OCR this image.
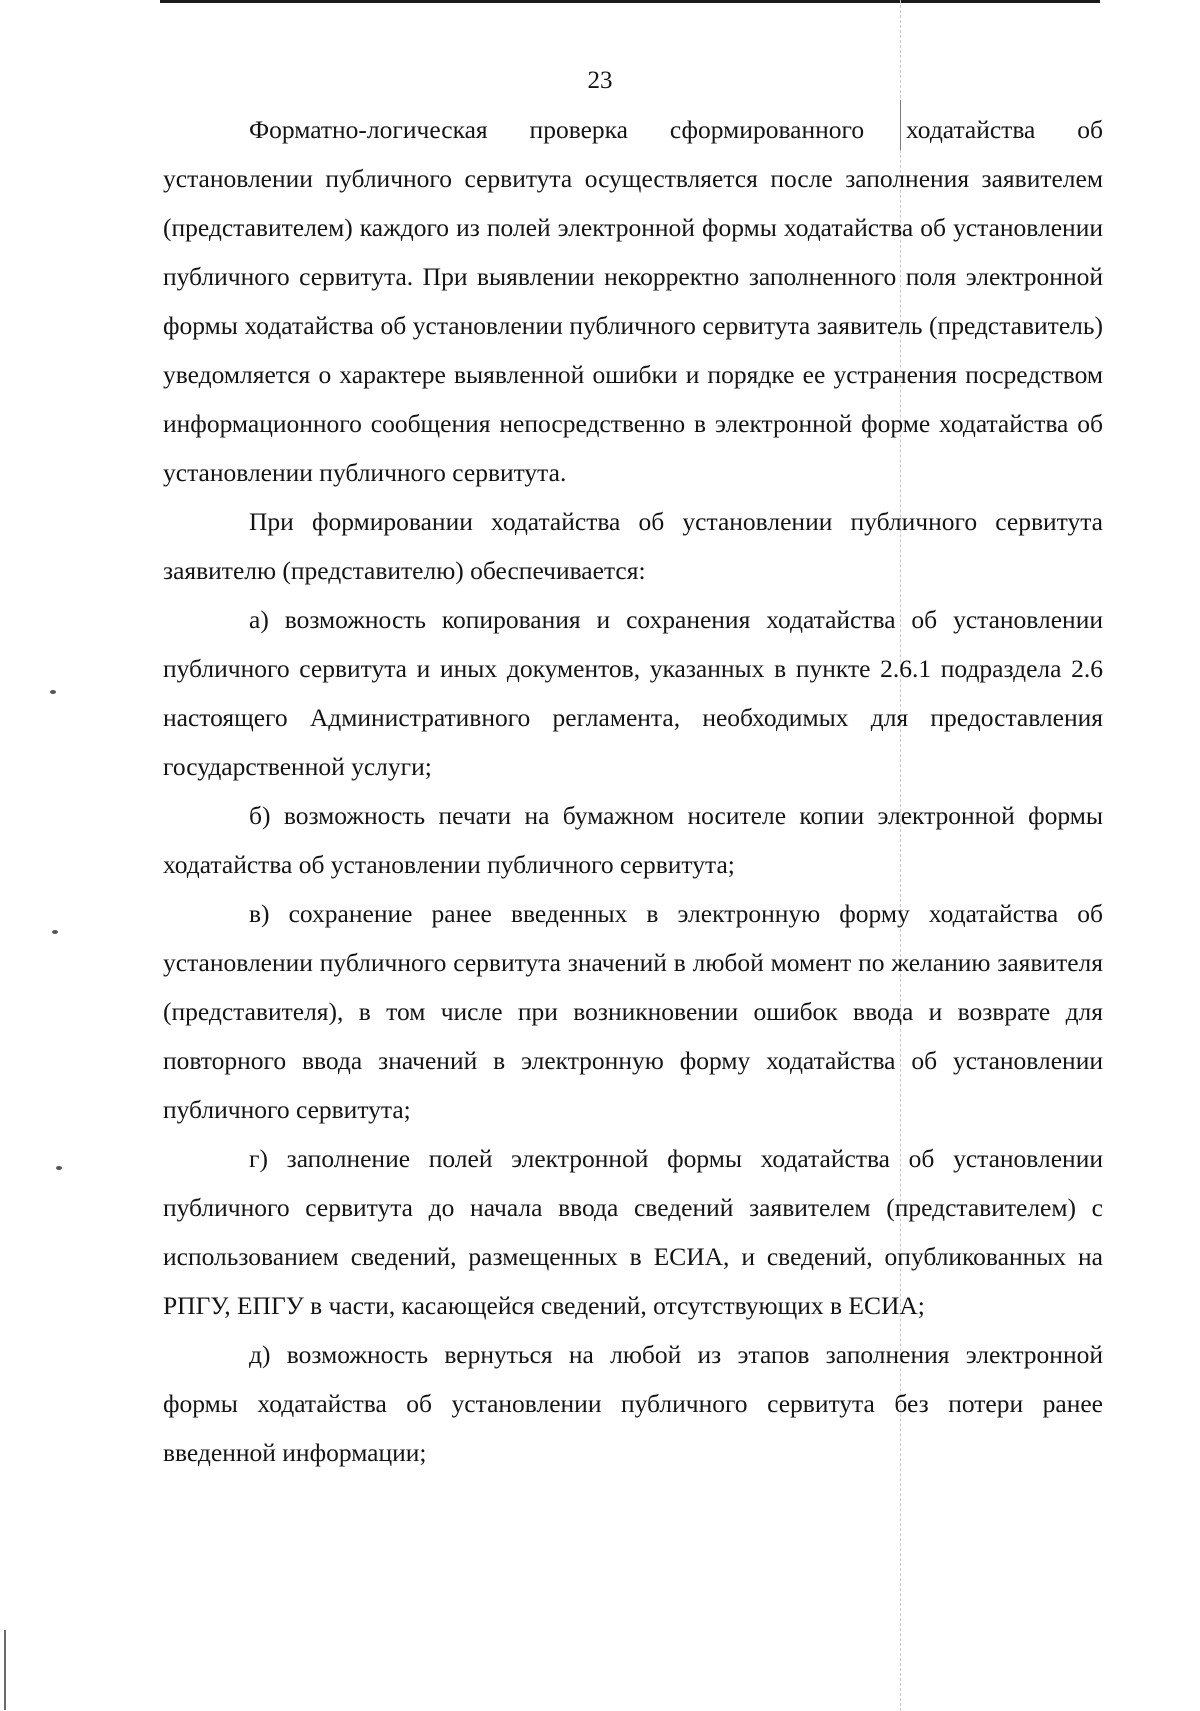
23

Форматно-логическая проверка сформированного ходатайства об установлении публичного сервитута осуществляется после заполнения заявителем (представителем) каждого из полей электронной формы ходатайства об установлении публичного сервитута. При выявлении некорректно заполненного поля электронной формы ходатайства об установлении публичного сервитута заявитель (представитель) уведомляется о характере выявленной ошибки и порядке ее устранения посредством информационного сообщения непосредственно в электронной форме ходатайства об установлении публичного сервитута.

При формировании ходатайства об установлении публичного сервитута заявителю (представителю) обеспечивается:

а) возможность копирования и сохранения ходатайства об установлении публичного сервитута и иных документов, указанных в пункте 2.6.1 подраздела 2.6 настоящего Административного регламента, необходимых для предоставления государственной услуги;

б) возможность печати на бумажном носителе копии электронной формы ходатайства об установлении публичного сервитута;

в) сохранение ранее введенных в электронную форму ходатайства об установлении публичного сервитута значений в любой момент по желанию заявителя (представителя), в том числе при возникновении ошибок ввода и возврате для повторного ввода значений в электронную форму ходатайства об установлении публичного сервитута;

г) заполнение полей электронной формы ходатайства об установлении публичного сервитута до начала ввода сведений заявителем (представителем) с использованием сведений, размещенных в ЕСИА, и сведений, опубликованных на РПГУ, ЕПГУ в части, касающейся сведений, отсутствующих в ЕСИА;

д) возможность вернуться на любой из этапов заполнения электронной формы ходатайства об установлении публичного сервитута без потери ранее введенной информации;
